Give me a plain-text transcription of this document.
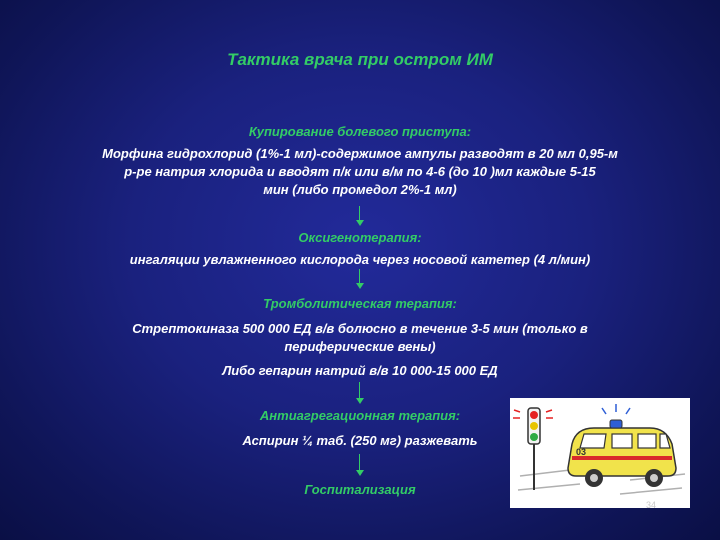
Тактика врача при остром ИМ
Купирование болевого приступа:
Морфина гидрохлорид (1%-1 мл)-содержимое ампулы разводят в 20 мл 0,95-м
р-ре натрия хлорида и вводят п/к или в/м по 4-6 (до 10 )мл каждые 5-15
мин (либо промедол 2%-1 мл)
Оксигенотерапия:
ингаляции увлажненного кислорода через носовой катетер (4 л/мин)
Тромболитическая терапия:
Стрептокиназа 500 000 ЕД в/в болюсно в течение 3-5 мин (только в
периферические вены)
Либо гепарин натрий в/в 10 000-15 000 ЕД
Антиагрегационная терапия:
Аспирин ¼ таб. (250 мг) разжевать
Госпитализация
03
34
